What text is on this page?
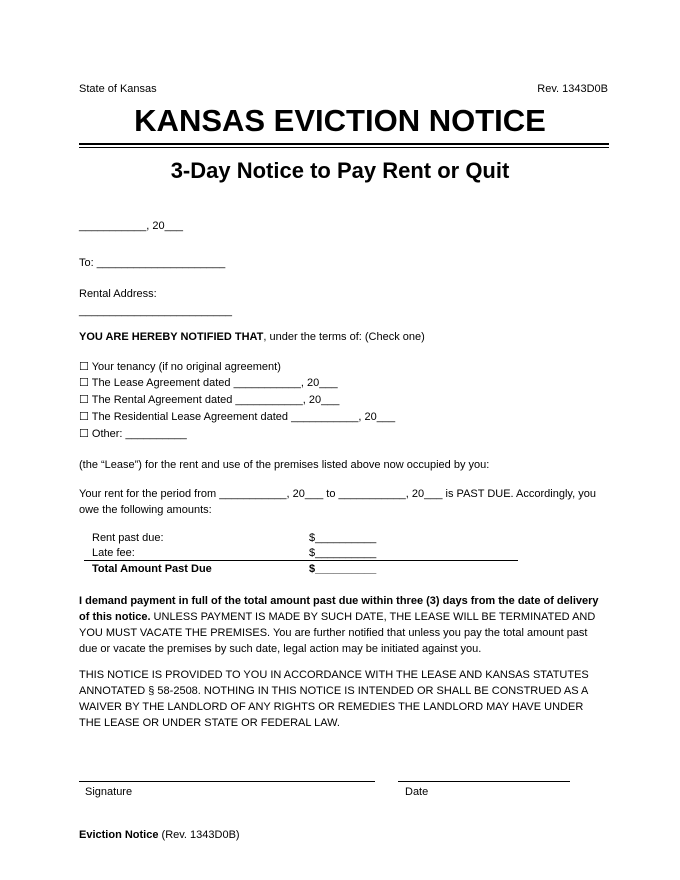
State of Kansas	Rev. 1343D0B
KANSAS EVICTION NOTICE
3-Day Notice to Pay Rent or Quit
___________, 20___
To: _____________________
Rental Address:
_________________________
YOU ARE HEREBY NOTIFIED THAT, under the terms of: (Check one)
☐ Your tenancy (if no original agreement)
☐ The Lease Agreement dated ___________, 20___
☐ The Rental Agreement dated ___________, 20___
☐ The Residential Lease Agreement dated ___________, 20___
☐ Other: __________
(the “Lease”) for the rent and use of the premises listed above now occupied by you:
Your rent for the period from ___________, 20___ to ___________, 20___ is PAST DUE. Accordingly, you owe the following amounts:
Rent past due:	$__________
Late fee:	$__________
Total Amount Past Due	$__________
I demand payment in full of the total amount past due within three (3) days from the date of delivery of this notice. UNLESS PAYMENT IS MADE BY SUCH DATE, THE LEASE WILL BE TERMINATED AND YOU MUST VACATE THE PREMISES. You are further notified that unless you pay the total amount past due or vacate the premises by such date, legal action may be initiated against you.
THIS NOTICE IS PROVIDED TO YOU IN ACCORDANCE WITH THE LEASE AND KANSAS STATUTES ANNOTATED § 58-2508. NOTHING IN THIS NOTICE IS INTENDED OR SHALL BE CONSTRUED AS A WAIVER BY THE LANDLORD OF ANY RIGHTS OR REMEDIES THE LANDLORD MAY HAVE UNDER THE LEASE OR UNDER STATE OR FEDERAL LAW.
Signature	Date
Eviction Notice (Rev. 1343D0B)
